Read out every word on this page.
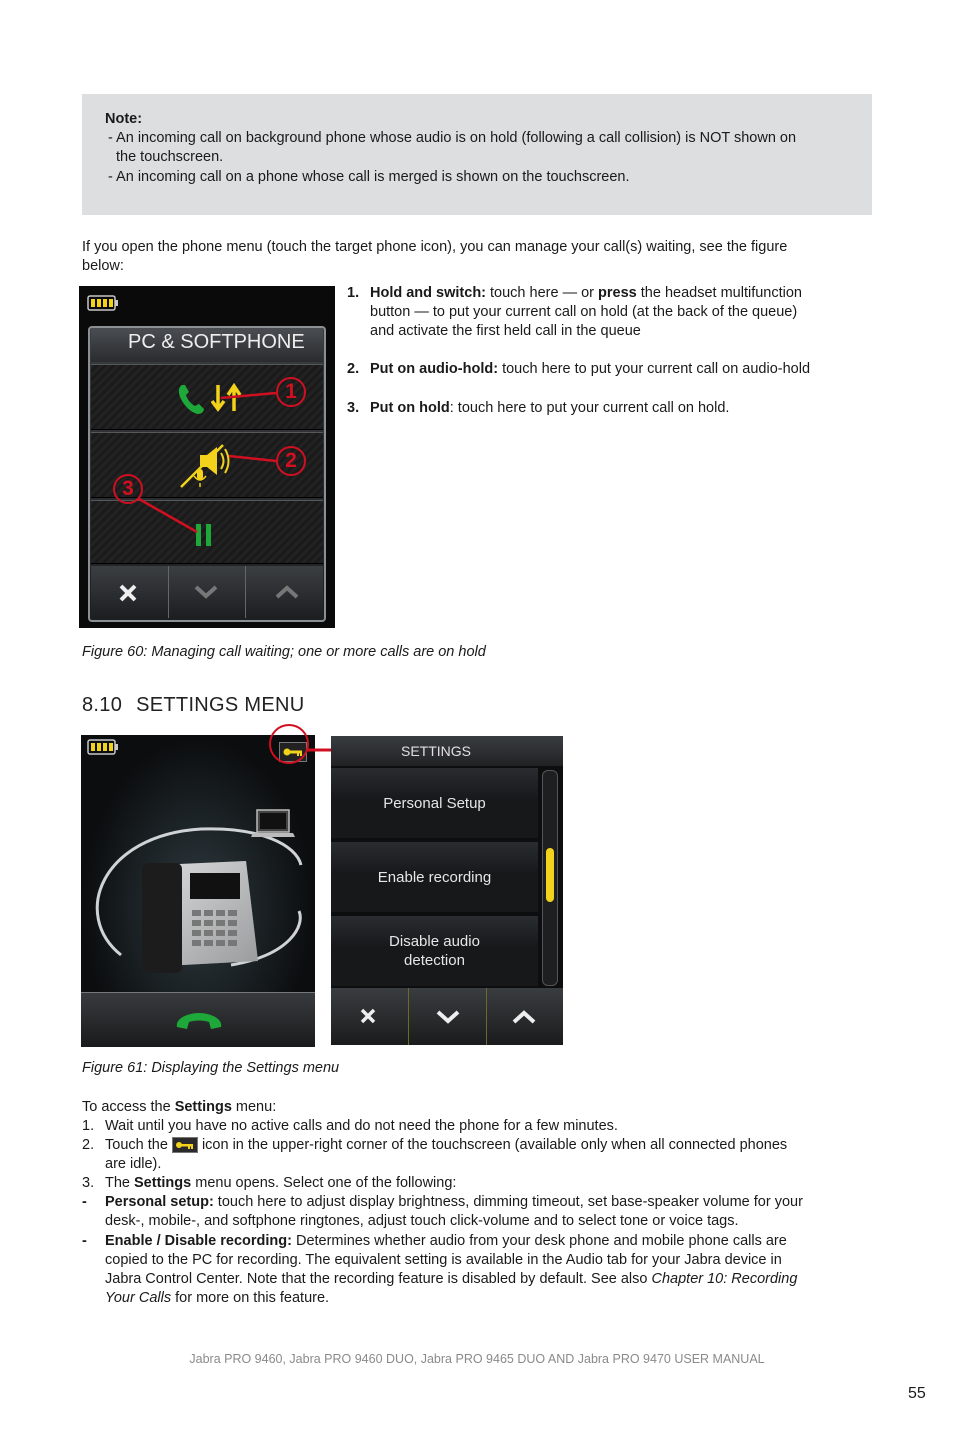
Note:
- An incoming call on background phone whose audio is on hold (following a call collision) is NOT shown on
the touchscreen.
- An incoming call on a phone whose call is merged is shown on the touchscreen.
If you open the phone menu (touch the target phone icon), you can manage your call(s) waiting, see the figure
below:
PC & SOFTPHONE
1
2
3
1. Hold and switch: touch here — or press the headset multifunction
button — to put your current call on hold (at the back of the queue)
and activate the first held call in the queue
2. Put on audio-hold: touch here to put your current call on audio-hold
3. Put on hold: touch here to put your current call on hold.
Figure 60: Managing call waiting; one or more calls are on hold
8.10 SETTINGS MENU
SETTINGS
Personal Setup
Enable recording
Disable audio
detection
Figure 61: Displaying the Settings menu
To access the Settings menu:
1. Wait until you have no active calls and do not need the phone for a few minutes.
2. Touch the  icon in the upper-right corner of the touchscreen (available only when all connected phones
are idle).
3. The Settings menu opens. Select one of the following:
- Personal setup: touch here to adjust display brightness, dimming timeout, set base-speaker volume for your
desk-, mobile-, and softphone ringtones, adjust touch click-volume and to select tone or voice tags.
- Enable / Disable recording: Determines whether audio from your desk phone and mobile phone calls are
copied to the PC for recording. The equivalent setting is available in the Audio tab for your Jabra device in
Jabra Control Center. Note that the recording feature is disabled by default. See also Chapter 10: Recording
Your Calls for more on this feature.
Jabra PRO 9460, Jabra PRO 9460 DUO, Jabra PRO 9465 DUO AND Jabra PRO 9470 USER MANUAL
55
